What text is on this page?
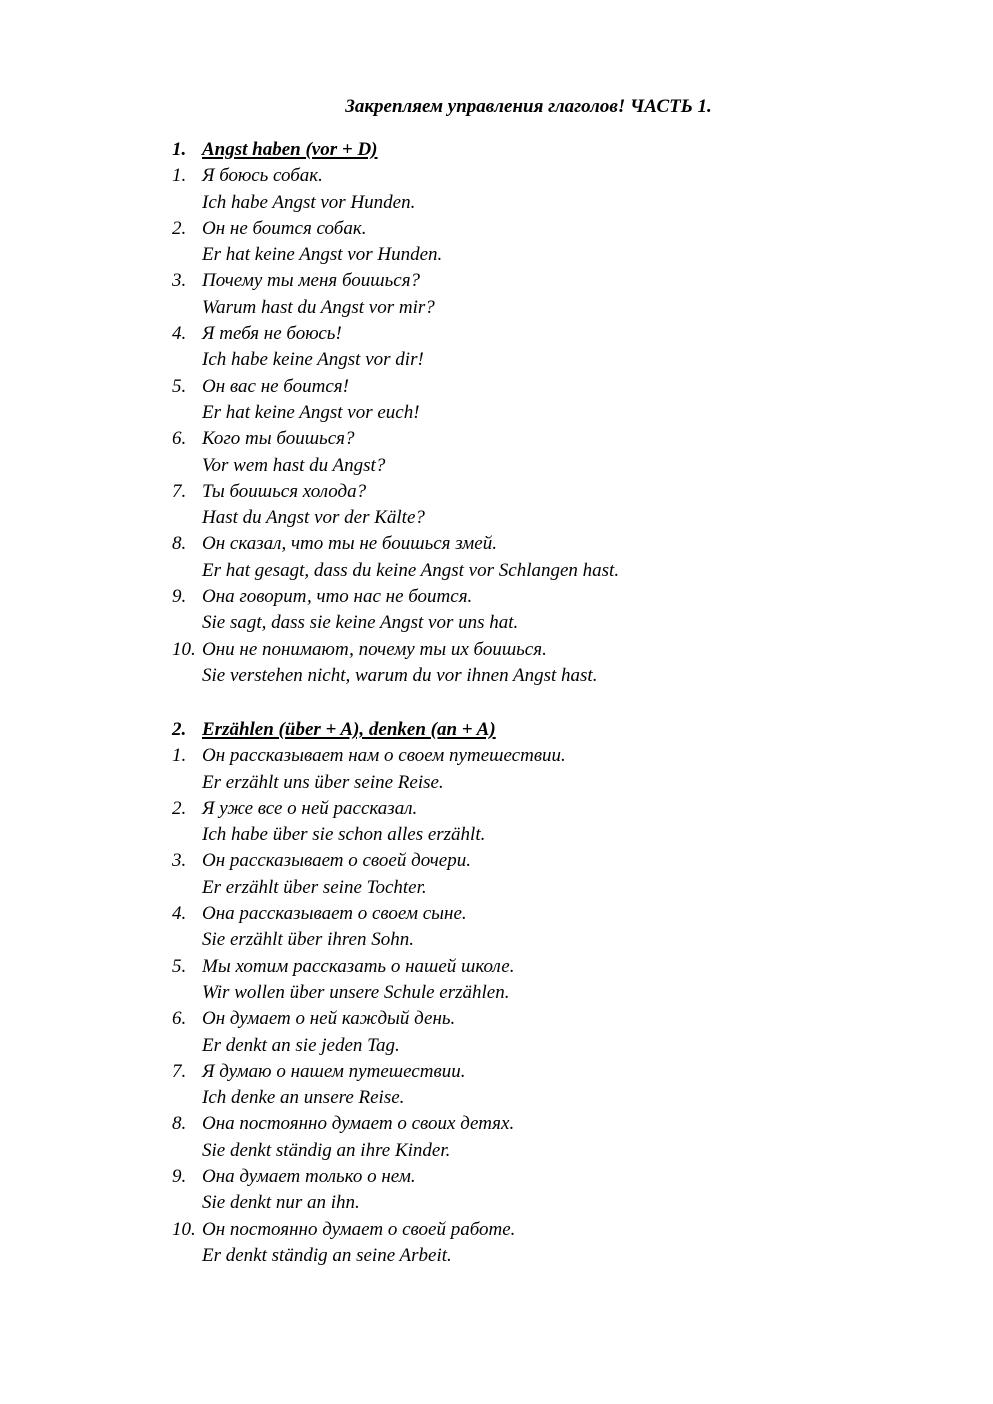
Закрепляем управления глаголов! ЧАСТЬ 1.
1. Angst haben (vor + D)
1. Я боюсь собак.
Ich habe Angst vor Hunden.
2. Он не боится собак.
Er hat keine Angst vor Hunden.
3. Почему ты меня боишься?
Warum hast du Angst vor mir?
4. Я тебя не боюсь!
Ich habe keine Angst vor dir!
5. Он вас не боится!
Er hat keine Angst vor euch!
6. Кого ты боишься?
Vor wem hast du Angst?
7. Ты боишься холода?
Hast du Angst vor der Kälte?
8. Он сказал, что ты не боишься змей.
Er hat gesagt, dass du keine Angst vor Schlangen hast.
9. Она говорит, что нас не боится.
Sie sagt, dass sie keine Angst vor uns hat.
10. Они не понимают, почему ты их боишься.
Sie verstehen nicht, warum du vor ihnen Angst hast.
2. Erzählen (über + A), denken (an + A)
1. Он рассказывает нам о своем путешествии.
Er erzählt uns über seine Reise.
2. Я уже все о ней рассказал.
Ich habe über sie schon alles erzählt.
3. Он рассказывает о своей дочери.
Er erzählt über seine Tochter.
4. Она рассказывает о своем сыне.
Sie erzählt über ihren Sohn.
5. Мы хотим рассказать о нашей школе.
Wir wollen über unsere Schule erzählen.
6. Он думает о ней каждый день.
Er denkt an sie jeden Tag.
7. Я думаю о нашем путешествии.
Ich denke an unsere Reise.
8. Она постоянно думает о своих детях.
Sie denkt ständig an ihre Kinder.
9. Она думает только о нем.
Sie denkt nur an ihn.
10. Он постоянно думает о своей работе.
Er denkt ständig an seine Arbeit.
